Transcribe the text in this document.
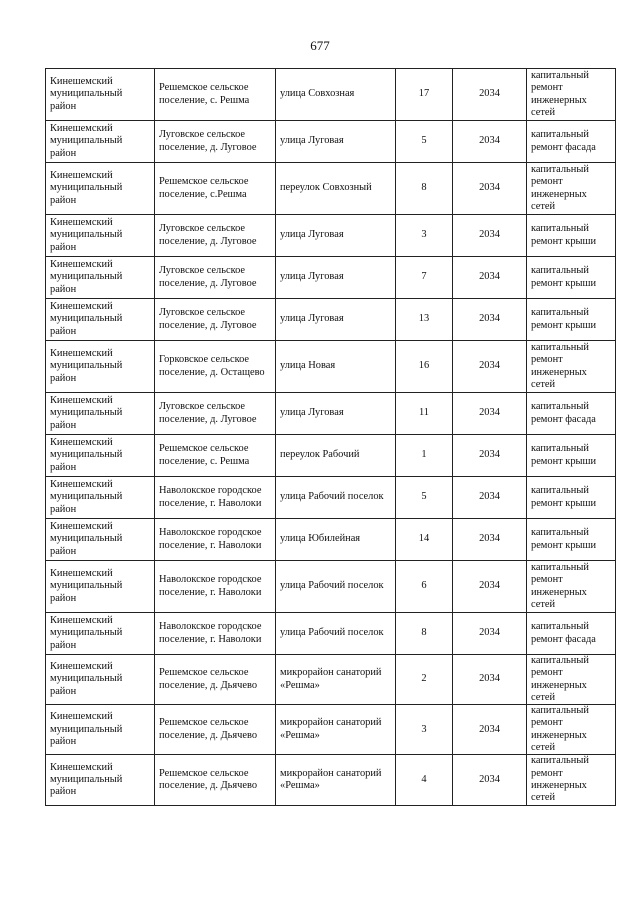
677
Кинешемский муниципальный район	Решемское сельское поселение, с. Решма	улица Совхозная	17	2034	капитальный ремонт инженерных сетей
Кинешемский муниципальный район	Луговское сельское поселение, д. Луговое	улица Луговая	5	2034	капитальный ремонт фасада
Кинешемский муниципальный район	Решемское сельское поселение, с.Решма	переулок Совхозный	8	2034	капитальный ремонт инженерных сетей
Кинешемский муниципальный район	Луговское сельское поселение, д. Луговое	улица Луговая	3	2034	капитальный ремонт крыши
Кинешемский муниципальный район	Луговское сельское поселение, д. Луговое	улица Луговая	7	2034	капитальный ремонт крыши
Кинешемский муниципальный район	Луговское сельское поселение, д. Луговое	улица Луговая	13	2034	капитальный ремонт крыши
Кинешемский муниципальный район	Горковское сельское поселение, д. Остащево	улица Новая	16	2034	капитальный ремонт инженерных сетей
Кинешемский муниципальный район	Луговское сельское поселение, д. Луговое	улица Луговая	11	2034	капитальный ремонт фасада
Кинешемский муниципальный район	Решемское сельское поселение, с. Решма	переулок Рабочий	1	2034	капитальный ремонт крыши
Кинешемский муниципальный район	Наволокское городское поселение, г. Наволоки	улица Рабочий поселок	5	2034	капитальный ремонт крыши
Кинешемский муниципальный район	Наволокское городское поселение, г. Наволоки	улица Юбилейная	14	2034	капитальный ремонт крыши
Кинешемский муниципальный район	Наволокское городское поселение, г. Наволоки	улица Рабочий поселок	6	2034	капитальный ремонт инженерных сетей
Кинешемский муниципальный район	Наволокское городское поселение, г. Наволоки	улица Рабочий поселок	8	2034	капитальный ремонт фасада
Кинешемский муниципальный район	Решемское сельское поселение, д. Дьячево	микрорайон санаторий «Решма»	2	2034	капитальный ремонт инженерных сетей
Кинешемский муниципальный район	Решемское сельское поселение, д. Дьячево	микрорайон санаторий «Решма»	3	2034	капитальный ремонт инженерных сетей
Кинешемский муниципальный район	Решемское сельское поселение, д. Дьячево	микрорайон санаторий «Решма»	4	2034	капитальный ремонт инженерных сетей
